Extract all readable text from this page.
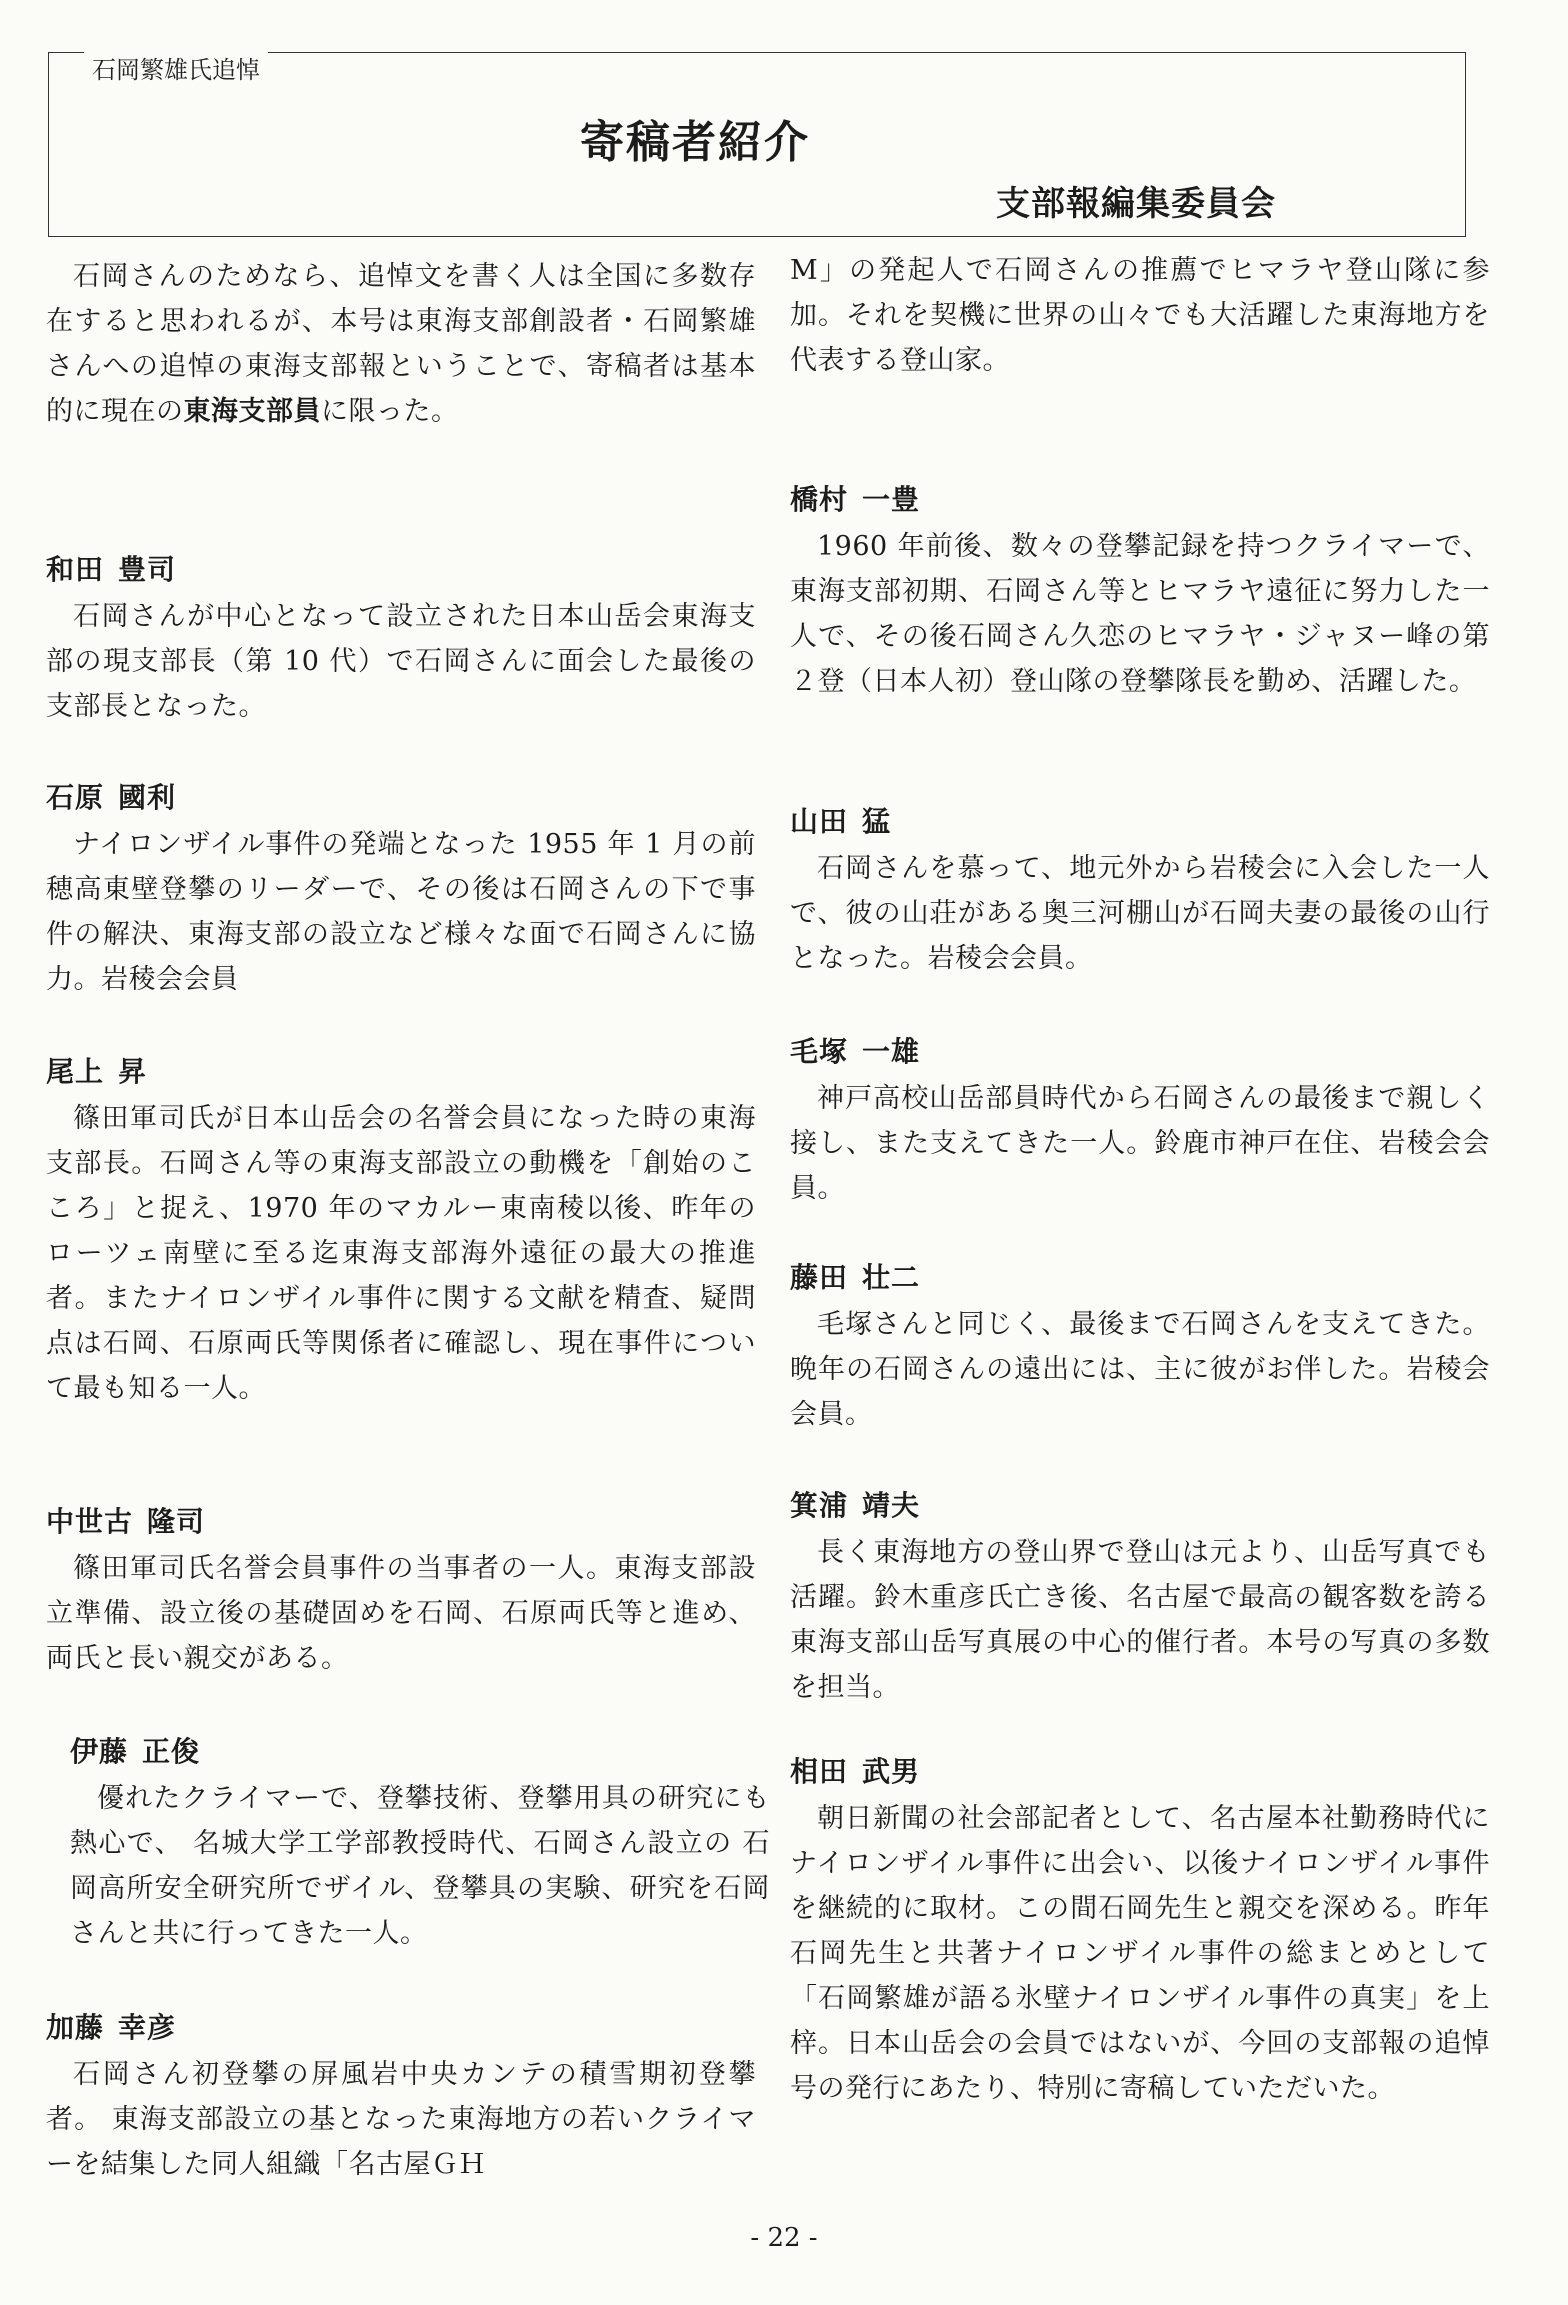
石岡繁雄氏追悼
寄稿者紹介
支部報編集委員会

石岡さんのためなら、追悼文を書く人は全国に多数存在すると思われるが、本号は東海支部創設者・石岡繁雄さんへの追悼の東海支部報ということで、寄稿者は基本的に現在の東海支部員に限った。

和田 豊司

石岡さんが中心となって設立された日本山岳会東海支部の現支部長（第 10 代）で石岡さんに面会した最後の支部長となった。

石原 國利

ナイロンザイル事件の発端となった 1955 年 1 月の前穂高東壁登攀のリーダーで、その後は石岡さんの下で事件の解決、東海支部の設立など様々な面で石岡さんに協力。岩稜会会員

尾上 昇

篠田軍司氏が日本山岳会の名誉会員になった時の東海支部長。石岡さん等の東海支部設立の動機を「創始のこころ」と捉え、1970 年のマカルー東南稜以後、昨年のローツェ南壁に至る迄東海支部海外遠征の最大の推進者。またナイロンザイル事件に関する文献を精査、疑問点は石岡、石原両氏等関係者に確認し、現在事件について最も知る一人。

中世古 隆司

篠田軍司氏名誉会員事件の当事者の一人。東海支部設立準備、設立後の基礎固めを石岡、石原両氏等と進め、両氏と長い親交がある。

伊藤 正俊

優れたクライマーで、登攀技術、登攀用具の研究にも熱心で、 名城大学工学部教授時代、石岡さん設立の 石岡高所安全研究所でザイル、登攀具の実験、研究を石岡さんと共に行ってきた一人。

加藤 幸彦

石岡さん初登攀の屏風岩中央カンテの積雪期初登攀者。 東海支部設立の基となった東海地方の若いクライマーを結集した同人組織「名古屋ＧＨ

M」の発起人で石岡さんの推薦でヒマラヤ登山隊に参加。それを契機に世界の山々でも大活躍した東海地方を代表する登山家。

橋村 一豊

1960 年前後、数々の登攀記録を持つクライマーで、東海支部初期、石岡さん等とヒマラヤ遠征に努力した一人で、その後石岡さん久恋のヒマラヤ・ジャヌー峰の第２登（日本人初）登山隊の登攀隊長を勤め、活躍した。

山田 猛

石岡さんを慕って、地元外から岩稜会に入会した一人で、彼の山荘がある奥三河棚山が石岡夫妻の最後の山行となった。岩稜会会員。

毛塚 一雄

神戸高校山岳部員時代から石岡さんの最後まで親しく接し、また支えてきた一人。鈴鹿市神戸在住、岩稜会会員。

藤田 壮二

毛塚さんと同じく、最後まで石岡さんを支えてきた。晩年の石岡さんの遠出には、主に彼がお伴した。岩稜会会員。

箕浦 靖夫

長く東海地方の登山界で登山は元より、山岳写真でも活躍。鈴木重彦氏亡き後、名古屋で最高の観客数を誇る東海支部山岳写真展の中心的催行者。本号の写真の多数を担当。

相田 武男

朝日新聞の社会部記者として、名古屋本社勤務時代にナイロンザイル事件に出会い、以後ナイロンザイル事件を継続的に取材。この間石岡先生と親交を深める。昨年石岡先生と共著ナイロンザイル事件の総まとめとして「石岡繁雄が語る氷壁ナイロンザイル事件の真実」を上梓。日本山岳会の会員ではないが、今回の支部報の追悼号の発行にあたり、特別に寄稿していただいた。

- 22 -
